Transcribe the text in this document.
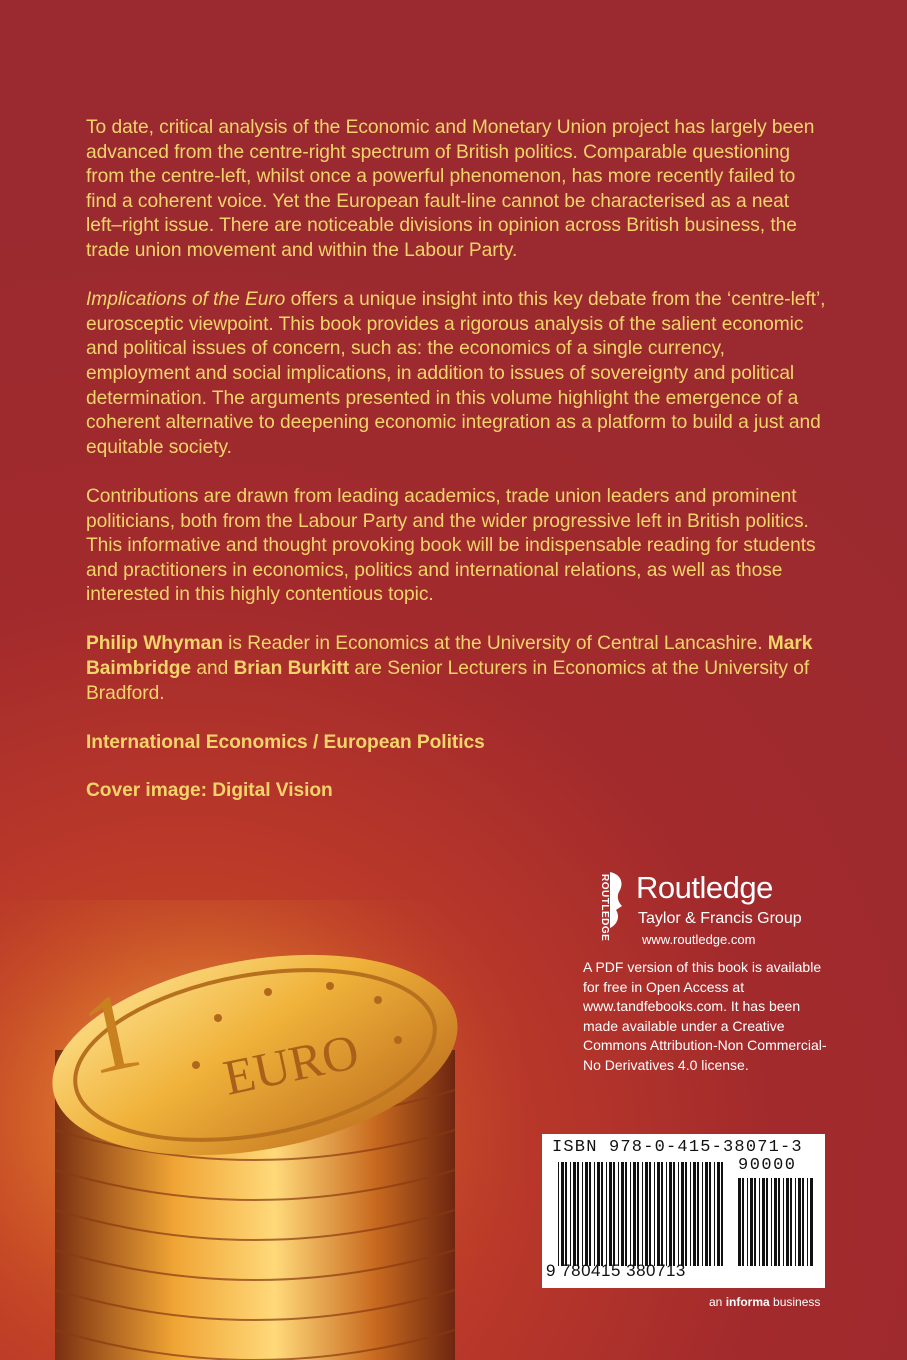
To date, critical analysis of the Economic and Monetary Union project has largely been advanced from the centre-right spectrum of British politics. Comparable questioning from the centre-left, whilst once a powerful phenomenon, has more recently failed to find a coherent voice. Yet the European fault-line cannot be characterised as a neat left–right issue. There are noticeable divisions in opinion across British business, the trade union movement and within the Labour Party.

Implications of the Euro offers a unique insight into this key debate from the ‘centre-left’, eurosceptic viewpoint. This book provides a rigorous analysis of the salient economic and political issues of concern, such as: the economics of a single currency, employment and social implications, in addition to issues of sovereignty and political determination. The arguments presented in this volume highlight the emergence of a coherent alternative to deepening economic integration as a platform to build a just and equitable society.

Contributions are drawn from leading academics, trade union leaders and prominent politicians, both from the Labour Party and the wider progressive left in British politics. This informative and thought provoking book will be indispensable reading for students and practitioners in economics, politics and international relations, as well as those interested in this highly contentious topic.

Philip Whyman is Reader in Economics at the University of Central Lancashire. Mark Baimbridge and Brian Burkitt are Senior Lecturers in Economics at the University of Bradford.
International Economics / European Politics
Cover image: Digital Vision
1 EURO
ROUTLEDGE Routledge
Taylor & Francis Group
www.routledge.com
A PDF version of this book is available for free in Open Access at www.tandfebooks.com. It has been made available under a Creative Commons Attribution-Non Commercial-No Derivatives 4.0 license.
ISBN 978-0-415-38071-3
90000
9 780415 380713
an informa business
